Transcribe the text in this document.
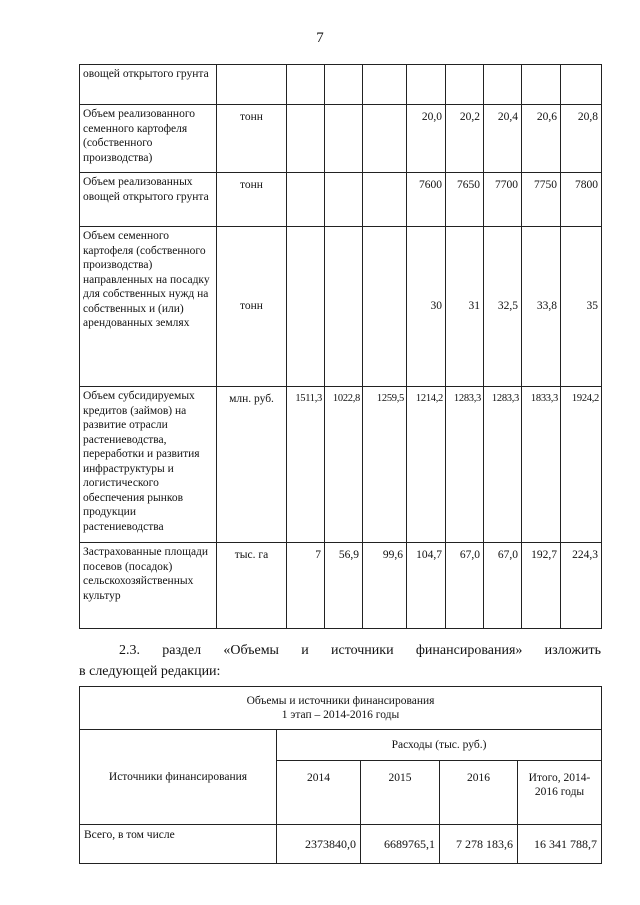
7
овощей открытого грунта									
Объем реализованного семенного картофеля (собственного производства)	тонн				20,0	20,2	20,4	20,6	20,8
Объем реализованных овощей открытого грунта	тонн				7600	7650	7700	7750	7800
Объем семенного картофеля (собственного производства) направленных на посадку для собственных нужд на собственных и (или) арендованных землях	тонн				30	31	32,5	33,8	35
Объем субсидируемых кредитов (займов) на развитие отрасли растениеводства, переработки и развития инфраструктуры и логистического обеспечения рынков продукции растениеводства	млн. руб.	1511,3	1022,8	1259,5	1214,2	1283,3	1283,3	1833,3	1924,2
Застрахованные площади посевов (посадок) сельскохозяйственных культур	тыс. га	7	56,9	99,6	104,7	67,0	67,0	192,7	224,3
2.3. раздел «Объемы и источники финансирования» изложить
в следующей редакции:
Объемы и источники финансирования
1 этап – 2014-2016 годы				

Источники финансирования	Расходы (тыс. руб.)			
	2014	2015	2016	Итого, 2014-2016 годы
Всего, в том числе	2373840,0	6689765,1	7 278 183,6	16 341 788,7
